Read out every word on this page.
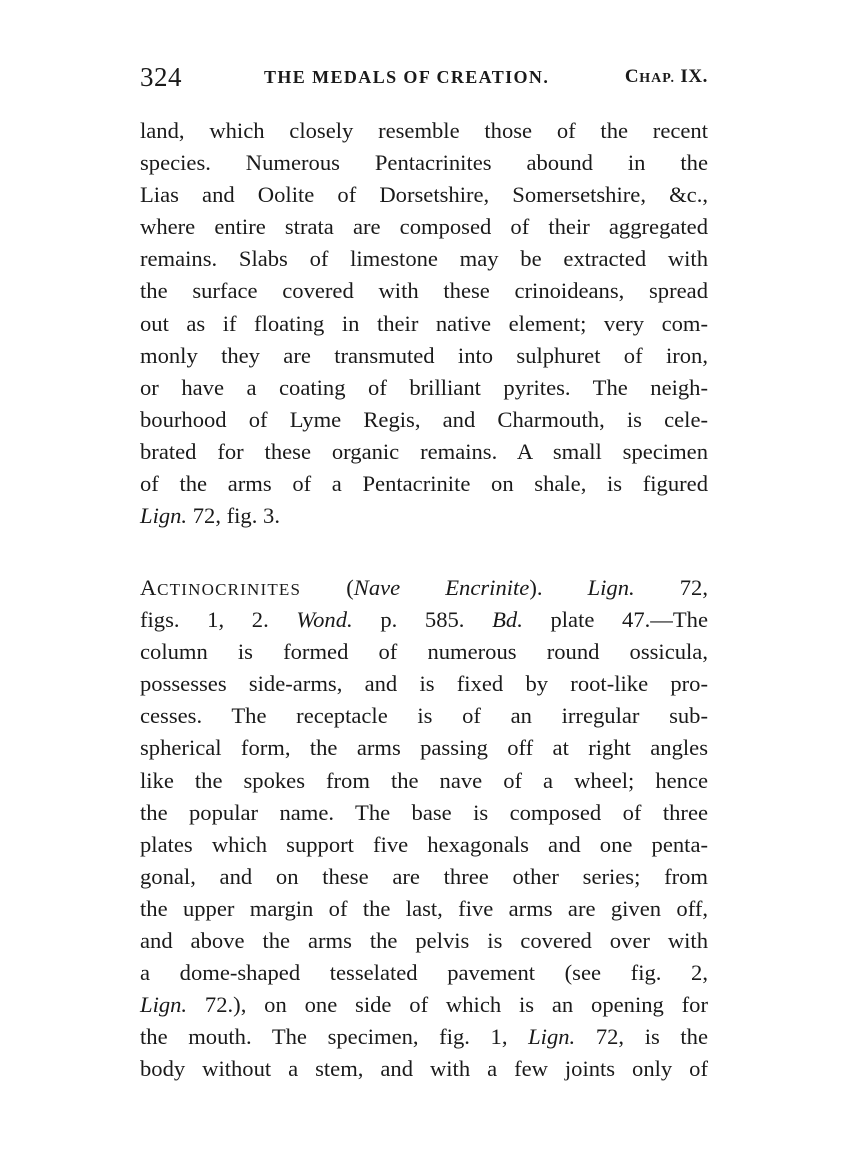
324	THE MEDALS OF CREATION.	CHAP. IX.
land, which closely resemble those of the recent
species. Numerous Pentacrinites abound in the
Lias and Oolite of Dorsetshire, Somersetshire, &c.,
where entire strata are composed of their aggregated
remains. Slabs of limestone may be extracted with
the surface covered with these crinoideans, spread
out as if floating in their native element; very com-
monly they are transmuted into sulphuret of iron,
or have a coating of brilliant pyrites. The neigh-
bourhood of Lyme Regis, and Charmouth, is cele-
brated for these organic remains. A small specimen
of the arms of a Pentacrinite on shale, is figured
Lign. 72, fig. 3.
ACTINOCRINITES (Nave Encrinite). Lign. 72,
figs. 1, 2. Wond. p. 585. Bd. plate 47.—The
column is formed of numerous round ossicula,
possesses side-arms, and is fixed by root-like pro-
cesses. The receptacle is of an irregular sub-
spherical form, the arms passing off at right angles
like the spokes from the nave of a wheel; hence
the popular name. The base is composed of three
plates which support five hexagonals and one penta-
gonal, and on these are three other series; from
the upper margin of the last, five arms are given off,
and above the arms the pelvis is covered over with
a dome-shaped tesselated pavement (see fig. 2,
Lign. 72.), on one side of which is an opening for
the mouth. The specimen, fig. 1, Lign. 72, is the
body without a stem, and with a few joints only of
